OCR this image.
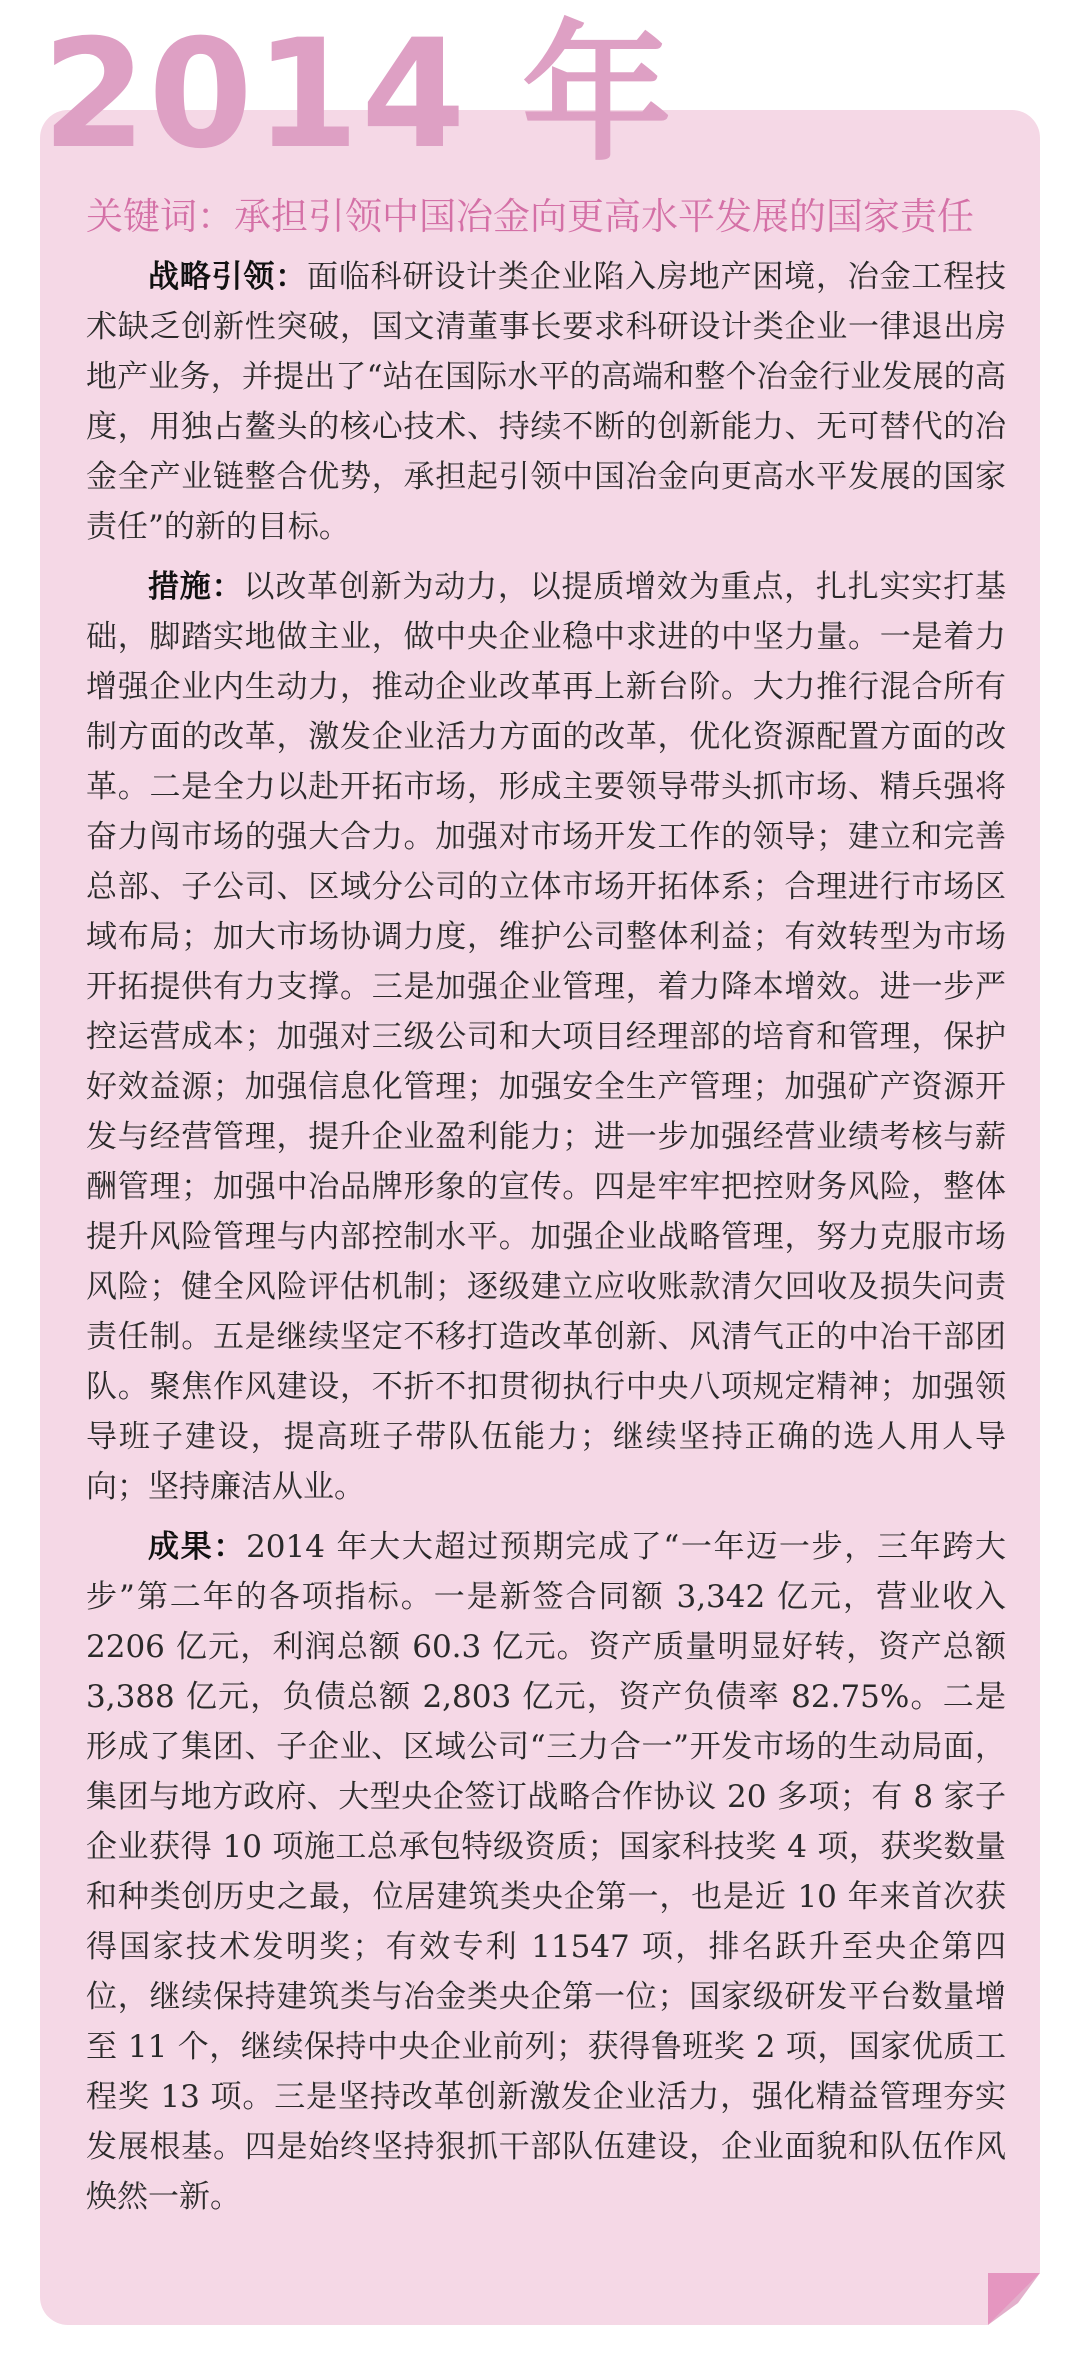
2014 年
关键词：承担引领中国冶金向更高水平发展的国家责任

战略引领：面临科研设计类企业陷入房地产困境，冶金工程技术缺乏创新性突破，国文清董事长要求科研设计类企业一律退出房地产业务，并提出了“站在国际水平的高端和整个冶金行业发展的高度，用独占鳌头的核心技术、持续不断的创新能力、无可替代的冶金全产业链整合优势，承担起引领中国冶金向更高水平发展的国家责任”的新的目标。

措施：以改革创新为动力，以提质增效为重点，扎扎实实打基础，脚踏实地做主业，做中央企业稳中求进的中坚力量。一是着力增强企业内生动力，推动企业改革再上新台阶。大力推行混合所有制方面的改革，激发企业活力方面的改革，优化资源配置方面的改革。二是全力以赴开拓市场，形成主要领导带头抓市场、精兵强将奋力闯市场的强大合力。加强对市场开发工作的领导；建立和完善总部、子公司、区域分公司的立体市场开拓体系；合理进行市场区域布局；加大市场协调力度，维护公司整体利益；有效转型为市场开拓提供有力支撑。三是加强企业管理，着力降本增效。进一步严控运营成本；加强对三级公司和大项目经理部的培育和管理，保护好效益源；加强信息化管理；加强安全生产管理；加强矿产资源开发与经营管理，提升企业盈利能力；进一步加强经营业绩考核与薪酬管理；加强中冶品牌形象的宣传。四是牢牢把控财务风险，整体提升风险管理与内部控制水平。加强企业战略管理，努力克服市场风险；健全风险评估机制；逐级建立应收账款清欠回收及损失问责责任制。五是继续坚定不移打造改革创新、风清气正的中冶干部团队。聚焦作风建设，不折不扣贯彻执行中央八项规定精神；加强领导班子建设，提高班子带队伍能力；继续坚持正确的选人用人导向；坚持廉洁从业。

成果：2014 年大大超过预期完成了“一年迈一步，三年跨大步”第二年的各项指标。一是新签合同额 3,342 亿元，营业收入 2206 亿元，利润总额 60.3 亿元。资产质量明显好转，资产总额 3,388 亿元，负债总额 2,803 亿元，资产负债率 82.75%。二是形成了集团、子企业、区域公司“三力合一”开发市场的生动局面，集团与地方政府、大型央企签订战略合作协议 20 多项；有 8 家子企业获得 10 项施工总承包特级资质；国家科技奖 4 项，获奖数量和种类创历史之最，位居建筑类央企第一，也是近 10 年来首次获得国家技术发明奖；有效专利 11547 项，排名跃升至央企第四位，继续保持建筑类与冶金类央企第一位；国家级研发平台数量增至 11 个，继续保持中央企业前列；获得鲁班奖 2 项，国家优质工程奖 13 项。三是坚持改革创新激发企业活力，强化精益管理夯实发展根基。四是始终坚持狠抓干部队伍建设，企业面貌和队伍作风焕然一新。
